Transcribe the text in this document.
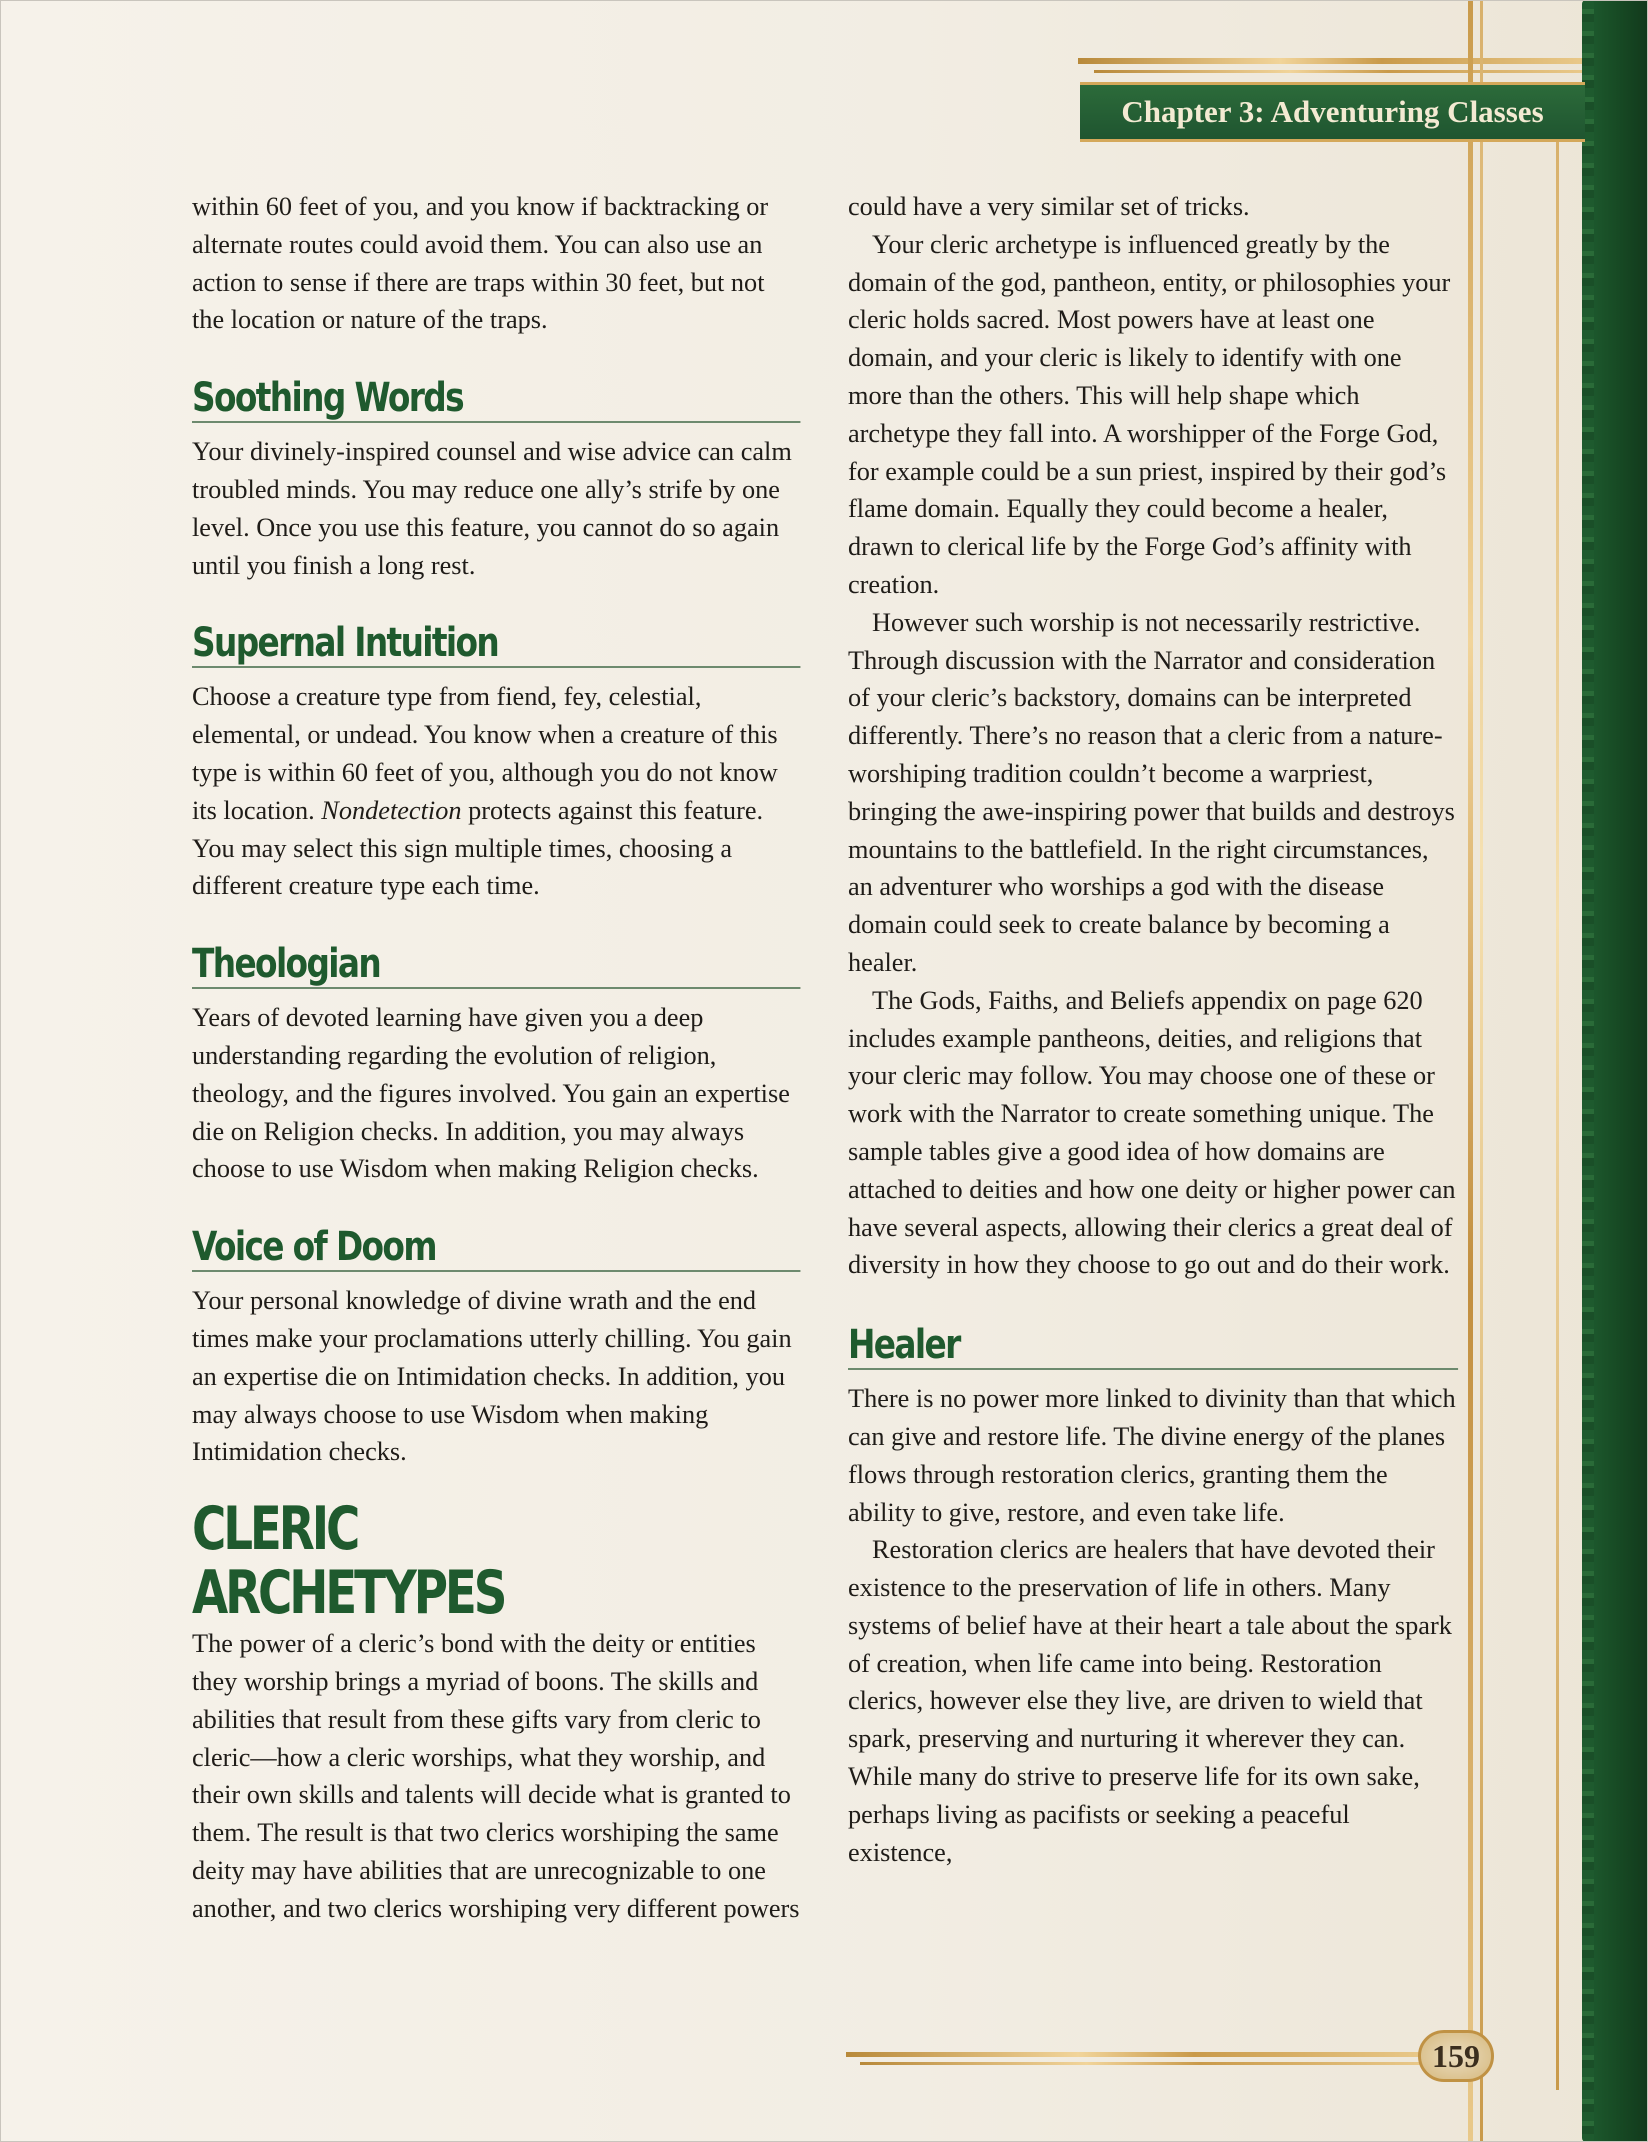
Chapter 3: Adventuring Classes

within 60 feet of you, and you know if backtracking or alternate routes could avoid them. You can also use an action to sense if there are traps within 30 feet, but not the location or nature of the traps.

Soothing Words

Your divinely-inspired counsel and wise advice can calm troubled minds. You may reduce one ally’s strife by one level. Once you use this feature, you cannot do so again until you finish a long rest.

Supernal Intuition

Choose a creature type from fiend, fey, celestial, elemental, or undead. You know when a creature of this type is within 60 feet of you, although you do not know its location. Nondetection protects against this feature. You may select this sign multiple times, choosing a different creature type each time.

Theologian

Years of devoted learning have given you a deep understanding regarding the evolution of religion, theology, and the figures involved. You gain an expertise die on Religion checks. In addition, you may always choose to use Wisdom when making Religion checks.

Voice of Doom

Your personal knowledge of divine wrath and the end times make your proclamations utterly chilling. You gain an expertise die on Intimidation checks. In addition, you may always choose to use Wisdom when making Intimidation checks.

CLERIC ARCHETYPES

The power of a cleric’s bond with the deity or entities they worship brings a myriad of boons. The skills and abilities that result from these gifts vary from cleric to cleric—how a cleric worships, what they worship, and their own skills and talents will decide what is granted to them. The result is that two clerics worshiping the same deity may have abilities that are unrecognizable to one another, and two clerics worshiping very different powers

could have a very similar set of tricks.

Your cleric archetype is influenced greatly by the domain of the god, pantheon, entity, or philosophies your cleric holds sacred. Most powers have at least one domain, and your cleric is likely to identify with one more than the others. This will help shape which archetype they fall into. A worshipper of the Forge God, for example could be a sun priest, inspired by their god’s flame domain. Equally they could become a healer, drawn to clerical life by the Forge God’s affinity with creation.

However such worship is not necessarily restrictive. Through discussion with the Narrator and consideration of your cleric’s backstory, domains can be interpreted differently. There’s no reason that a cleric from a nature-worshiping tradition couldn’t become a warpriest, bringing the awe-inspiring power that builds and destroys mountains to the battlefield. In the right circumstances, an adventurer who worships a god with the disease domain could seek to create balance by becoming a healer.

The Gods, Faiths, and Beliefs appendix on page 620 includes example pantheons, deities, and religions that your cleric may follow. You may choose one of these or work with the Narrator to create something unique. The sample tables give a good idea of how domains are attached to deities and how one deity or higher power can have several aspects, allowing their clerics a great deal of diversity in how they choose to go out and do their work.

Healer

There is no power more linked to divinity than that which can give and restore life. The divine energy of the planes flows through restoration clerics, granting them the ability to give, restore, and even take life.

Restoration clerics are healers that have devoted their existence to the preservation of life in others. Many systems of belief have at their heart a tale about the spark of creation, when life came into being. Restoration clerics, however else they live, are driven to wield that spark, preserving and nurturing it wherever they can. While many do strive to preserve life for its own sake, perhaps living as pacifists or seeking a peaceful existence,

159
